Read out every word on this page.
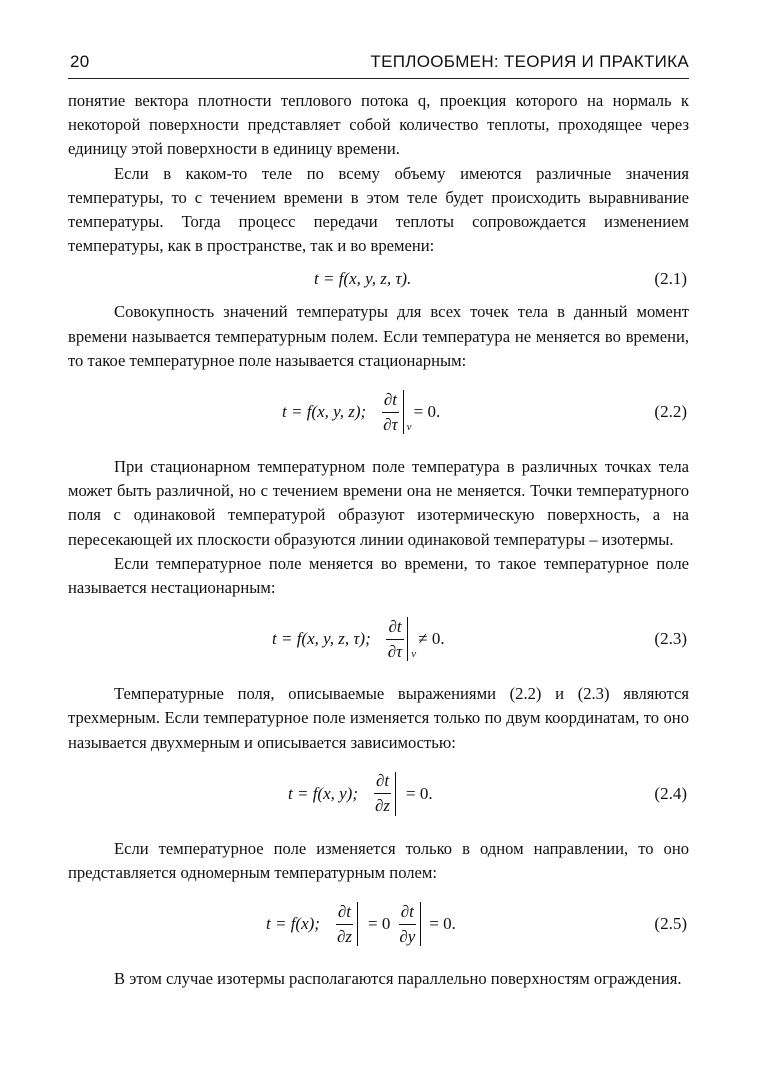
20	ТЕПЛООБМЕН: ТЕОРИЯ И ПРАКТИКА

понятие вектора плотности теплового потока q, проекция которого на нормаль к некоторой поверхности представляет собой количество теплоты, проходящее через единицу этой поверхности в единицу времени.

Если в каком-то теле по всему объему имеются различные значения температуры, то с течением времени в этом теле будет происходить выравнивание температуры. Тогда процесс передачи теплоты сопровождается изменением температуры, как в пространстве, так и во времени:

t = f(x, y, z, τ).	(2.1)

Совокупность значений температуры для всех точек тела в данный момент времени называется температурным полем. Если температура не меняется во времени, то такое температурное поле называется стационарным:

t = f(x, y, z); $\frac{\partial t}{\partial\tau}$ v
= 0.	(2.2)

При стационарном температурном поле температура в различных точках тела может быть различной, но с течением времени она не меняется. Точки температурного поля с одинаковой температурой образуют изотермическую поверхность, а на пересекающей их плоскости образуются линии одинаковой температуры – изотермы.

Если температурное поле меняется во времени, то такое температурное поле называется нестационарным:

t = f(x, y, z, τ); $\frac{\partial t}{\partial\tau}$ v
≠ 0.	(2.3)

Температурные поля, описываемые выражениями (2.2) и (2.3) являются трехмерным. Если температурное поле изменяется только по двум координатам, то оно называется двухмерным и описывается зависимостью:

t = f(x, y); $\frac{\partial t}{\partial z} = 0$.	(2.4)

Если температурное поле изменяется только в одном направлении, то оно представляется одномерным температурным полем:

t = f(x); $\frac{\partial t}{\partial z} = 0 \frac{\partial t}{\partial y} = 0$.	(2.5)

В этом случае изотермы располагаются параллельно поверхностям ограждения.
